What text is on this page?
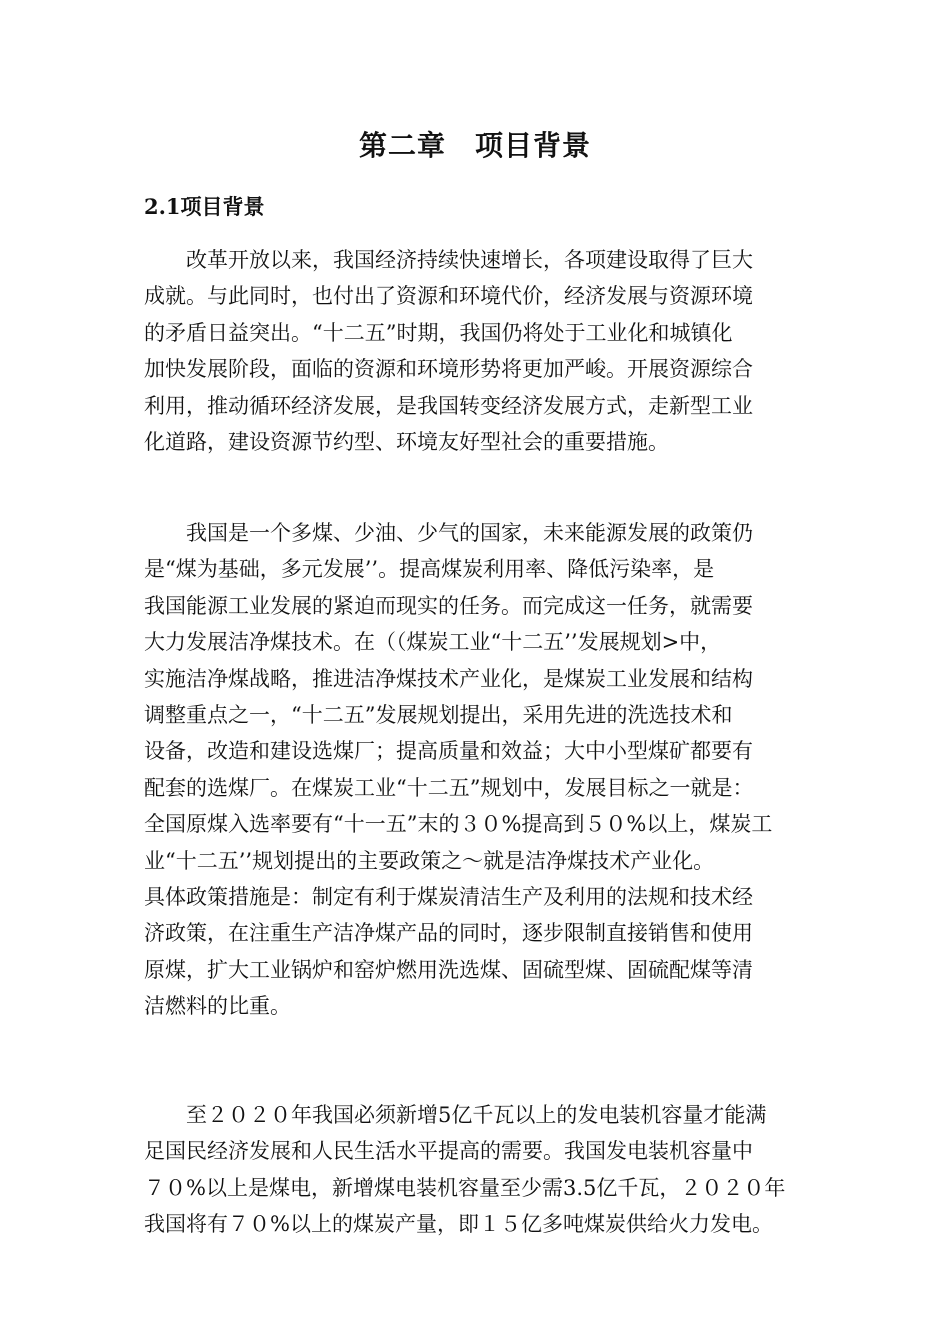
第二章　项目背景
2.1项目背景
改革开放以来，我国经济持续快速增长，各项建设取得了巨大
成就。与此同时，也付出了资源和环境代价，经济发展与资源环境
的矛盾日益突出。“十二五”时期，我国仍将处于工业化和城镇化
加快发展阶段，面临的资源和环境形势将更加严峻。开展资源综合
利用，推动循环经济发展，是我国转变经济发展方式，走新型工业
化道路，建设资源节约型、环境友好型社会的重要措施。
我国是一个多煤、少油、少气的国家，未来能源发展的政策仍
是“煤为基础，多元发展’’。提高煤炭利用率、降低污染率，是
我国能源工业发展的紧迫而现实的任务。而完成这一任务，就需要
大力发展洁净煤技术。在（（煤炭工业“十二五’’发展规划>中，
实施洁净煤战略，推进洁净煤技术产业化，是煤炭工业发展和结构
调整重点之一，“十二五”发展规划提出，采用先进的洗选技术和
设备，改造和建设选煤厂；提高质量和效益；大中小型煤矿都要有
配套的选煤厂。在煤炭工业“十二五”规划中，发展目标之一就是：
全国原煤入选率要有“十一五”末的３０%提高到５０%以上，煤炭工
业“十二五’’规划提出的主要政策之～就是洁净煤技术产业化。
具体政策措施是：制定有利于煤炭清洁生产及利用的法规和技术经
济政策，在注重生产洁净煤产品的同时，逐步限制直接销售和使用
原煤，扩大工业锅炉和窑炉燃用洗选煤、固硫型煤、固硫配煤等清
洁燃料的比重。
至２０２０年我国必须新增5亿千瓦以上的发电装机容量才能满
足国民经济发展和人民生活水平提高的需要。我国发电装机容量中
７０%以上是煤电，新增煤电装机容量至少需3.5亿千瓦，２０２０年
我国将有７０%以上的煤炭产量，即１５亿多吨煤炭供给火力发电。
